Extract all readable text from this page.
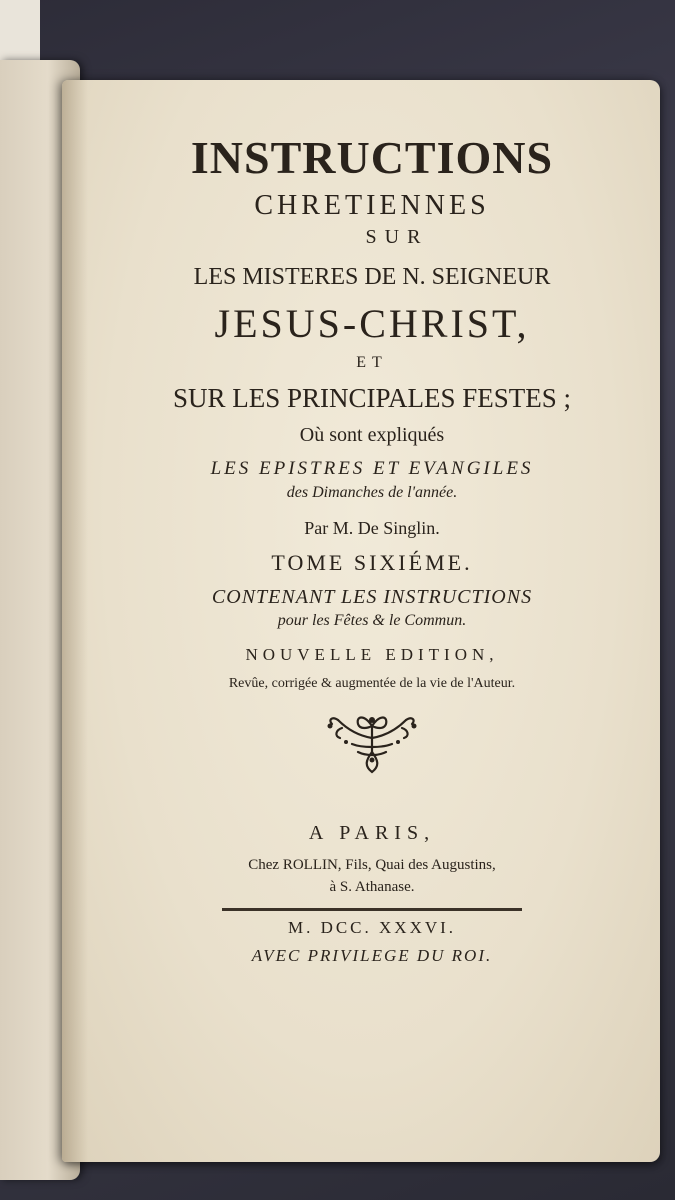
INSTRUCTIONS
CHRETIENNES
SUR
LES MISTERES DE N. SEIGNEUR
JESUS-CHRIST,
ET
SUR LES PRINCIPALES FESTES ;
Où sont expliqués
LES EPISTRES ET EVANGILES
des Dimanches de l'année.
Par M. De Singlin.
TOME SIXIÉME.
CONTENANT LES INSTRUCTIONS
pour les Fêtes & le Commun.
NOUVELLE EDITION,
Revûe, corrigée & augmentée de la vie de l'Auteur.
A PARIS,
Chez ROLLIN, Fils, Quai des Augustins,
à S. Athanase.
M. DCC. XXXVI.
AVEC PRIVILEGE DU ROI.
